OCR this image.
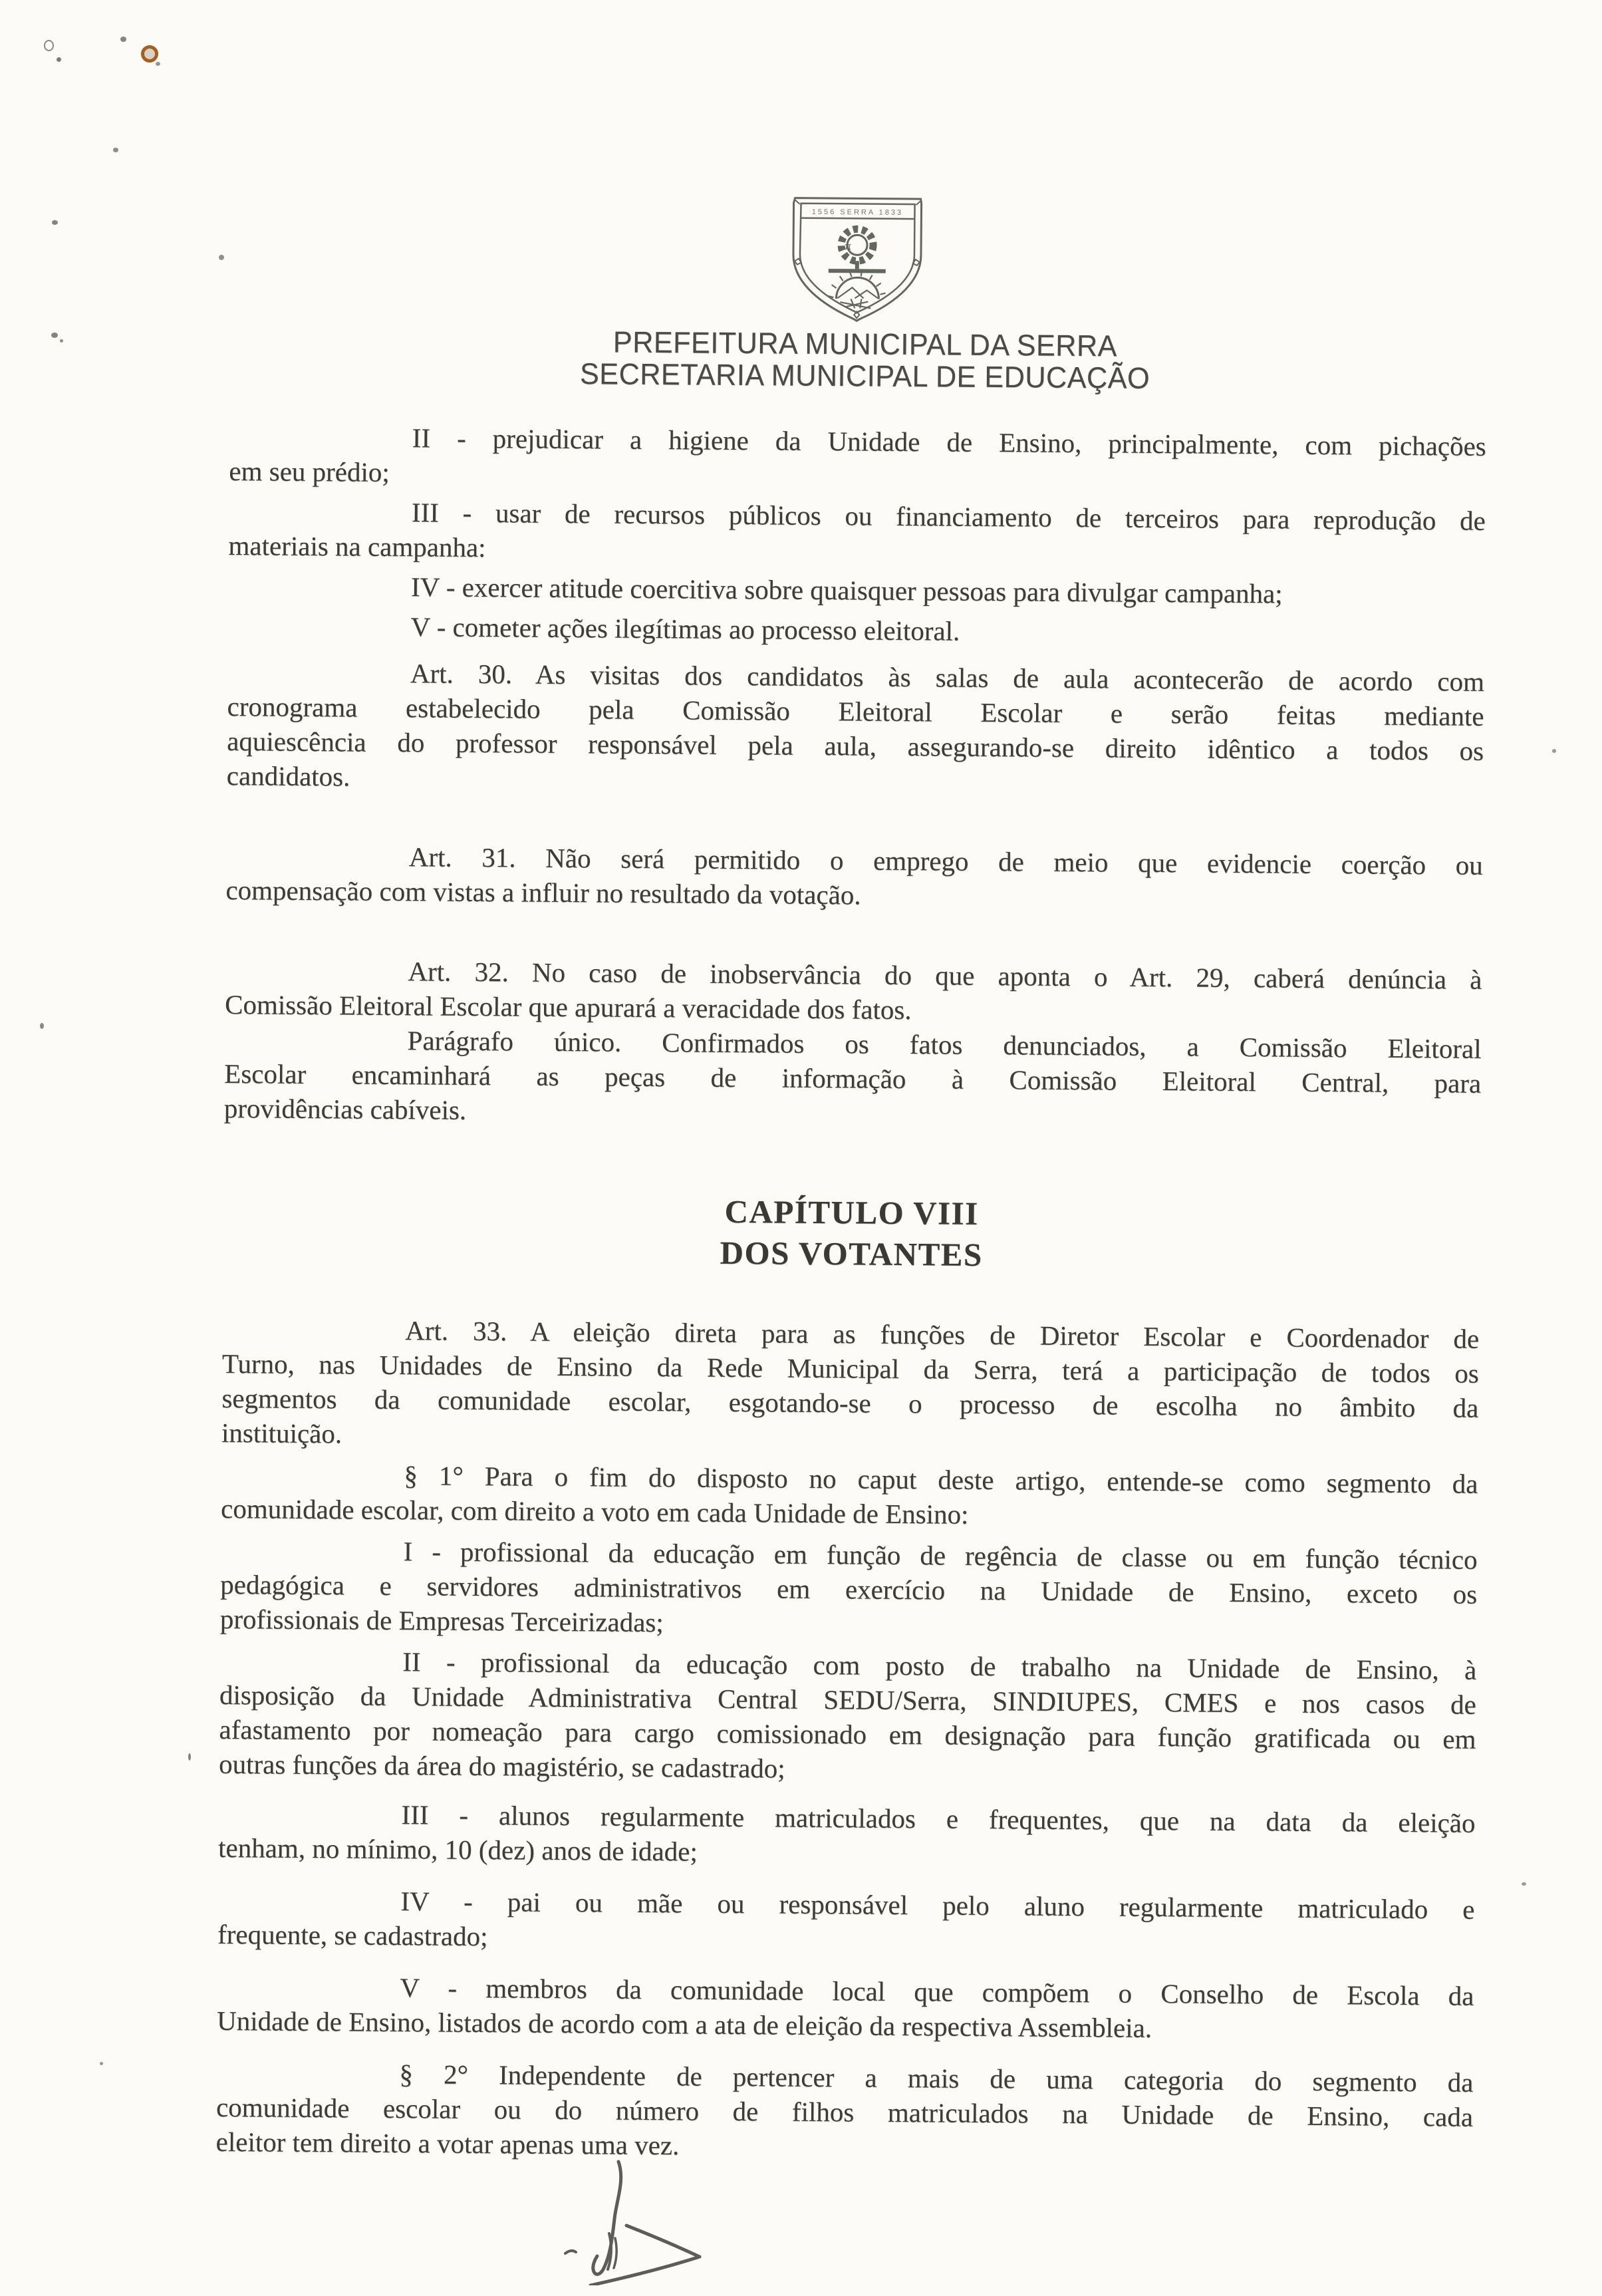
1556 SERRA 1833
π
PREFEITURA MUNICIPAL DA SERRA
SECRETARIA MUNICIPAL DE EDUCAÇÃO
II - prejudicar a higiene da Unidade de Ensino, principalmente, com pichações
em seu prédio;
III - usar de recursos públicos ou financiamento de terceiros para reprodução de
materiais na campanha:
IV - exercer atitude coercitiva sobre quaisquer pessoas para divulgar campanha;
V - cometer ações ilegítimas ao processo eleitoral.
Art. 30. As visitas dos candidatos às salas de aula acontecerão de acordo com
cronograma estabelecido pela Comissão Eleitoral Escolar e serão feitas mediante
aquiescência do professor responsável pela aula, assegurando-se direito idêntico a todos os
candidatos.
Art. 31. Não será permitido o emprego de meio que evidencie coerção ou
compensação com vistas a influir no resultado da votação.
Art. 32. No caso de inobservância do que aponta o Art. 29, caberá denúncia à
Comissão Eleitoral Escolar que apurará a veracidade dos fatos.
Parágrafo único. Confirmados os fatos denunciados, a Comissão Eleitoral
Escolar encaminhará as peças de informação à Comissão Eleitoral Central, para
providências cabíveis.
CAPÍTULO VIII
DOS VOTANTES
Art. 33. A eleição direta para as funções de Diretor Escolar e Coordenador de
Turno, nas Unidades de Ensino da Rede Municipal da Serra, terá a participação de todos os
segmentos da comunidade escolar, esgotando-se o processo de escolha no âmbito da
instituição.
§ 1° Para o fim do disposto no caput deste artigo, entende-se como segmento da
comunidade escolar, com direito a voto em cada Unidade de Ensino:
I - profissional da educação em função de regência de classe ou em função técnico
pedagógica e servidores administrativos em exercício na Unidade de Ensino, exceto os
profissionais de Empresas Terceirizadas;
II - profissional da educação com posto de trabalho na Unidade de Ensino, à
disposição da Unidade Administrativa Central SEDU/Serra, SINDIUPES, CMES e nos casos de
afastamento por nomeação para cargo comissionado em designação para função gratificada ou em
outras funções da área do magistério, se cadastrado;
III - alunos regularmente matriculados e frequentes, que na data da eleição
tenham, no mínimo, 10 (dez) anos de idade;
IV - pai ou mãe ou responsável pelo aluno regularmente matriculado e
frequente, se cadastrado;
V - membros da comunidade local que compõem o Conselho de Escola da
Unidade de Ensino, listados de acordo com a ata de eleição da respectiva Assembleia.
§ 2° Independente de pertencer a mais de uma categoria do segmento da
comunidade escolar ou do número de filhos matriculados na Unidade de Ensino, cada
eleitor tem direito a votar apenas uma vez.
